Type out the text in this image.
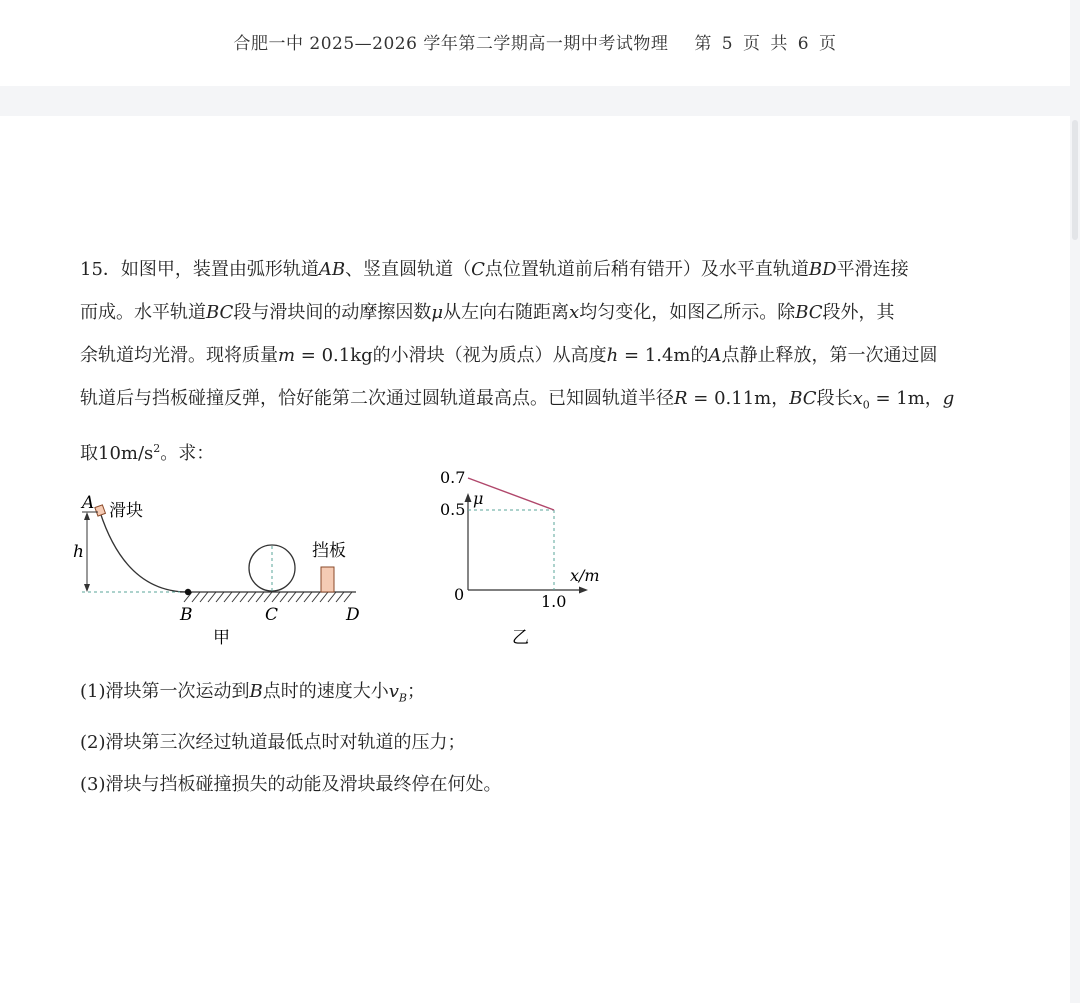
合肥一中 2025—2026 学年第二学期高一期中考试物理 第 5 页 共 6 页

15．如图甲，装置由弧形轨道AB、竖直圆轨道（C点位置轨道前后稍有错开）及水平直轨道BD平滑连接

而成。水平轨道BC段与滑块间的动摩擦因数μ从左向右随距离x均匀变化，如图乙所示。除BC段外，其

余轨道均光滑。现将质量m = 0.1kg的小滑块（视为质点）从高度h = 1.4m的A点静止释放，第一次通过圆

轨道后与挡板碰撞反弹，恰好能第二次通过圆轨道最高点。已知圆轨道半径R = 0.11m，BC段长$x_0 = 1m$，g

取$10m/s^2$。求：

A 滑块
h	挡板
B	C	D
甲
0.7
0.5
1.0
μ
x/m
0
乙
(1)滑块第一次运动到B点时的速度大小$v_B$；
(2)滑块第三次经过轨道最低点时对轨道的压力；
(3)滑块与挡板碰撞损失的动能及滑块最终停在何处。
